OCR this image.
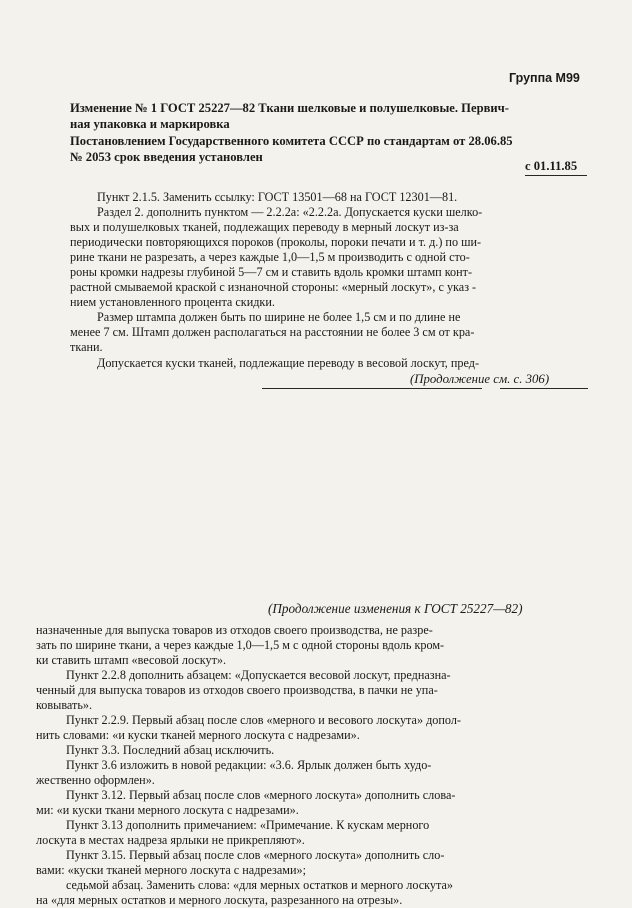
Группа М99
Изменение № 1 ГОСТ 25227—82 Ткани шелковые и полушелковые. Первич-
ная упаковка и маркировка
Постановлением Государственного комитета СССР по стандартам от 28.06.85
№ 2053 срок введения установлен
с 01.11.85
Пункт 2.1.5. Заменить ссылку: ГОСТ 13501—68 на ГОСТ 12301—81.
Раздел 2. дополнить пунктом — 2.2.2а: «2.2.2а. Допускается куски шелко-
вых и полушелковых тканей, подлежащих переводу в мерный лоскут из-за
периодически повторяющихся пороков (проколы, пороки печати и т. д.) по ши-
рине ткани не разрезать, а через каждые 1,0—1,5 м производить с одной сто-
роны кромки надрезы глубиной 5—7 см и ставить вдоль кромки штамп конт-
растной смываемой краской с изнаночной стороны: «мерный лоскут», с указ -
нием установленного процента скидки.
Размер штампа должен быть по ширине не более 1,5 см и по длине не
менее 7 см. Штамп должен располагаться на расстоянии не более 3 см от кра-
ткани.
Допускается куски тканей, подлежащие переводу в весовой лоскут, пред-
(Продолжение см. с. 306)
(Продолжение изменения к ГОСТ 25227—82)
назначенные для выпуска товаров из отходов своего производства, не разре-
зать по ширине ткани, а через каждые 1,0—1,5 м с одной стороны вдоль кром-
ки ставить штамп «весовой лоскут».
Пункт 2.2.8 дополнить абзацем: «Допускается весовой лоскут, предназна-
ченный для выпуска товаров из отходов своего производства, в пачки не упа-
ковывать».
Пункт 2.2.9. Первый абзац после слов «мерного и весового лоскута» допол-
нить словами: «и куски тканей мерного лоскута с надрезами».
Пункт 3.3. Последний абзац исключить.
Пункт 3.6 изложить в новой редакции: «3.6. Ярлык должен быть худо-
жественно оформлен».
Пункт 3.12. Первый абзац после слов «мерного лоскута» дополнить слова-
ми: «и куски ткани мерного лоскута с надрезами».
Пункт 3.13 дополнить примечанием: «Примечание. К кускам мерного
лоскута в местах надреза ярлыки не прикрепляют».
Пункт 3.15. Первый абзац после слов «мерного лоскута» дополнить сло-
вами: «куски тканей мерного лоскута с надрезами»;
седьмой абзац. Заменить слова: «для мерных остатков и мерного лоскута»
на «для мерных остатков и мерного лоскута, разрезанного на отрезы».
